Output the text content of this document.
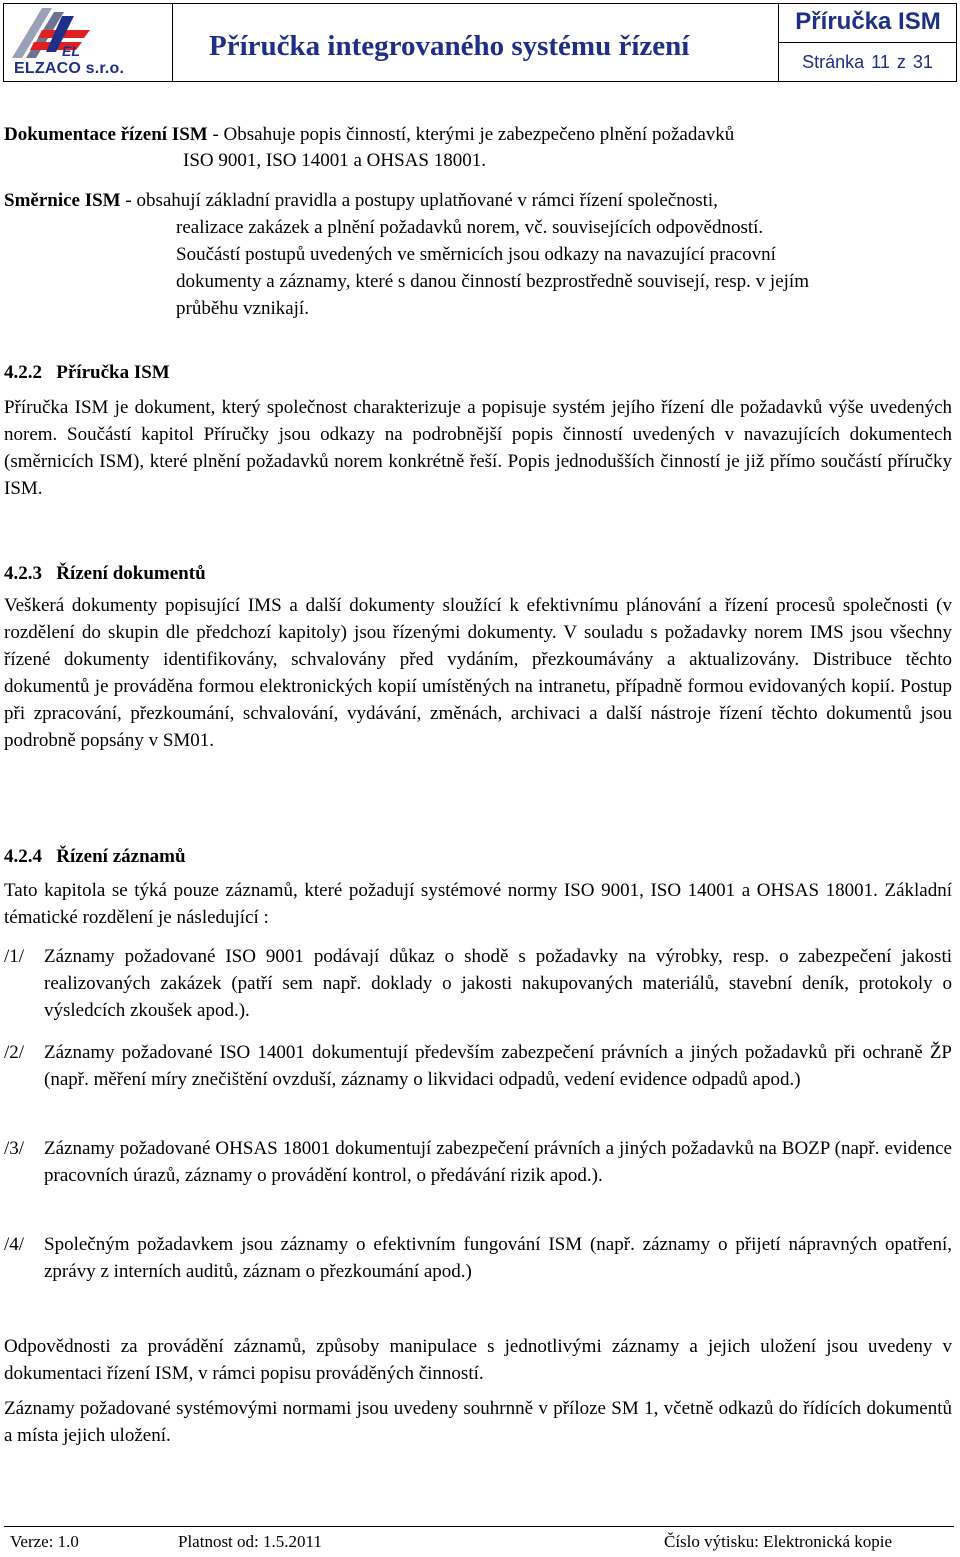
EL
ELZACO s.r.o.
Příručka integrovaného systému řízení
Příručka ISM
Stránka 11 z 31
Dokumentace řízení ISM - Obsahuje popis činností, kterými je zabezpečeno plnění požadavků
ISO 9001, ISO 14001 a OHSAS 18001.
Směrnice ISM - obsahují základní pravidla a postupy uplatňované v rámci řízení společnosti,
realizace zakázek a plnění požadavků norem, vč. souvisejících odpovědností.
Součástí postupů uvedených ve směrnicích jsou odkazy na navazující pracovní
dokumenty a záznamy, které s danou činností bezprostředně souvisejí, resp. v jejím
průběhu vznikají.
4.2.2 Příručka ISM
Příručka ISM je dokument, který společnost charakterizuje a popisuje systém jejího řízení dle požadavků výše uvedených norem. Součástí kapitol Příručky jsou odkazy na podrobnější popis činností uvedených v navazujících dokumentech (směrnicích ISM), které plnění požadavků norem konkrétně řeší. Popis jednodušších činností je již přímo součástí příručky ISM.
4.2.3 Řízení dokumentů
Veškerá dokumenty popisující IMS a další dokumenty sloužící k efektivnímu plánování a řízení procesů společnosti (v rozdělení do skupin dle předchozí kapitoly) jsou řízenými dokumenty. V souladu s požadavky norem IMS jsou všechny řízené dokumenty identifikovány, schvalovány před vydáním, přezkoumávány a aktualizovány. Distribuce těchto dokumentů je prováděna formou elektronických kopií umístěných na intranetu, případně formou evidovaných kopií. Postup při zpracování, přezkoumání, schvalování, vydávání, změnách, archivaci a další nástroje řízení těchto dokumentů jsou podrobně popsány v SM01.
4.2.4 Řízení záznamů
Tato kapitola se týká pouze záznamů, které požadují systémové normy ISO 9001, ISO 14001 a OHSAS 18001. Základní tématické rozdělení je následující :
/1/	Záznamy požadované ISO 9001 podávají důkaz o shodě s požadavky na výrobky, resp. o zabezpečení jakosti realizovaných zakázek (patří sem např. doklady o jakosti nakupovaných materiálů, stavební deník, protokoly o výsledcích zkoušek apod.).
/2/	Záznamy požadované ISO 14001 dokumentují především zabezpečení právních a jiných požadavků při ochraně ŽP (např. měření míry znečištění ovzduší, záznamy o likvidaci odpadů, vedení evidence odpadů apod.)
/3/	Záznamy požadované OHSAS 18001 dokumentují zabezpečení právních a jiných požadavků na BOZP (např. evidence pracovních úrazů, záznamy o provádění kontrol, o předávání rizik apod.).
/4/	Společným požadavkem jsou záznamy o efektivním fungování ISM (např. záznamy o přijetí nápravných opatření, zprávy z interních auditů, záznam o přezkoumání apod.)
Odpovědnosti za provádění záznamů, způsoby manipulace s jednotlivými záznamy a jejich uložení jsou uvedeny v dokumentaci řízení ISM, v rámci popisu prováděných činností.
Záznamy požadované systémovými normami jsou uvedeny souhrnně v příloze SM 1, včetně odkazů do řídících dokumentů a místa jejich uložení.
Verze: 1.0	Platnost od: 1.5.2011	Číslo výtisku: Elektronická kopie
